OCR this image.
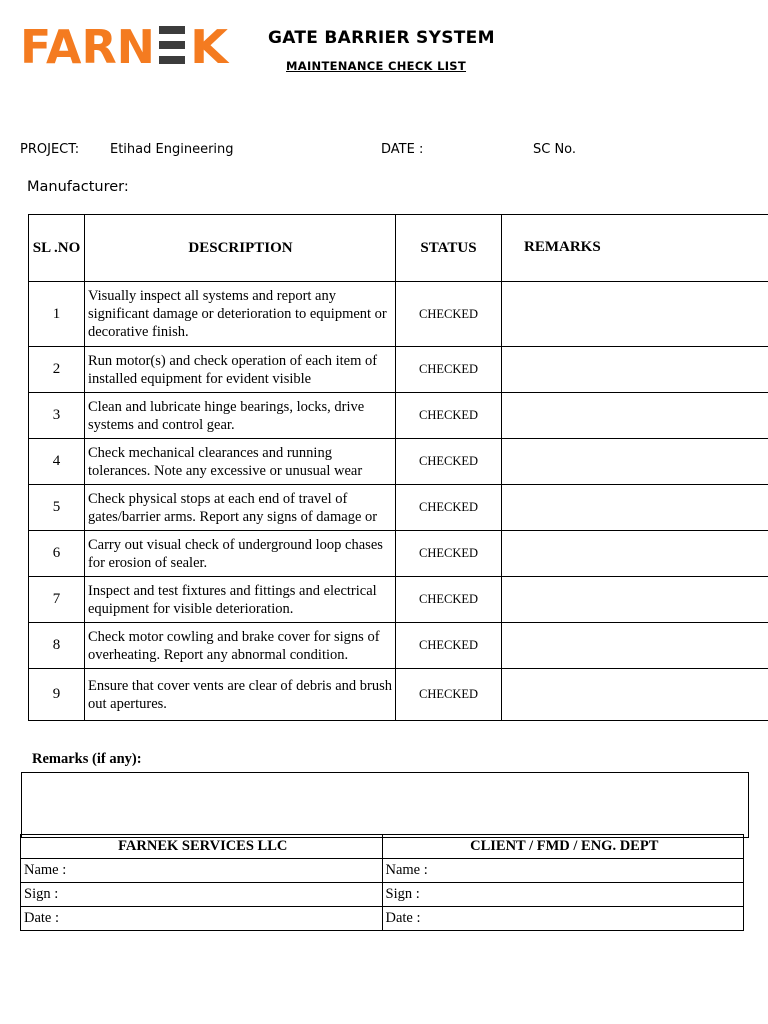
FARN K GATE BARRIER SYSTEM
MAINTENANCE CHECK LIST
PROJECT: Etihad Engineering	DATE :	SC No.
Manufacturer:
SL .NO	DESCRIPTION	STATUS	REMARKS
1	Visually inspect all systems and report any significant damage or deterioration to equipment or decorative finish.	CHECKED	
2	Run motor(s) and check operation of each item of installed equipment for evident visible	CHECKED	
3	Clean and lubricate hinge bearings, locks, drive systems and control gear.	CHECKED	
4	Check mechanical clearances and running tolerances. Note any excessive or unusual wear	CHECKED	
5	Check physical stops at each end of travel of gates/barrier arms. Report any signs of damage or	CHECKED	
6	Carry out visual check of underground loop chases for erosion of sealer.	CHECKED	
7	Inspect and test fixtures and fittings and electrical equipment for visible deterioration.	CHECKED	
8	Check motor cowling and brake cover for signs of overheating. Report any abnormal condition.	CHECKED	
9	Ensure that cover vents are clear of debris and brush out apertures.	CHECKED	
Remarks (if any):
FARNEK SERVICES LLC	CLIENT / FMD / ENG. DEPT
Name :	Name :
Sign :	Sign :
Date :	Date :
